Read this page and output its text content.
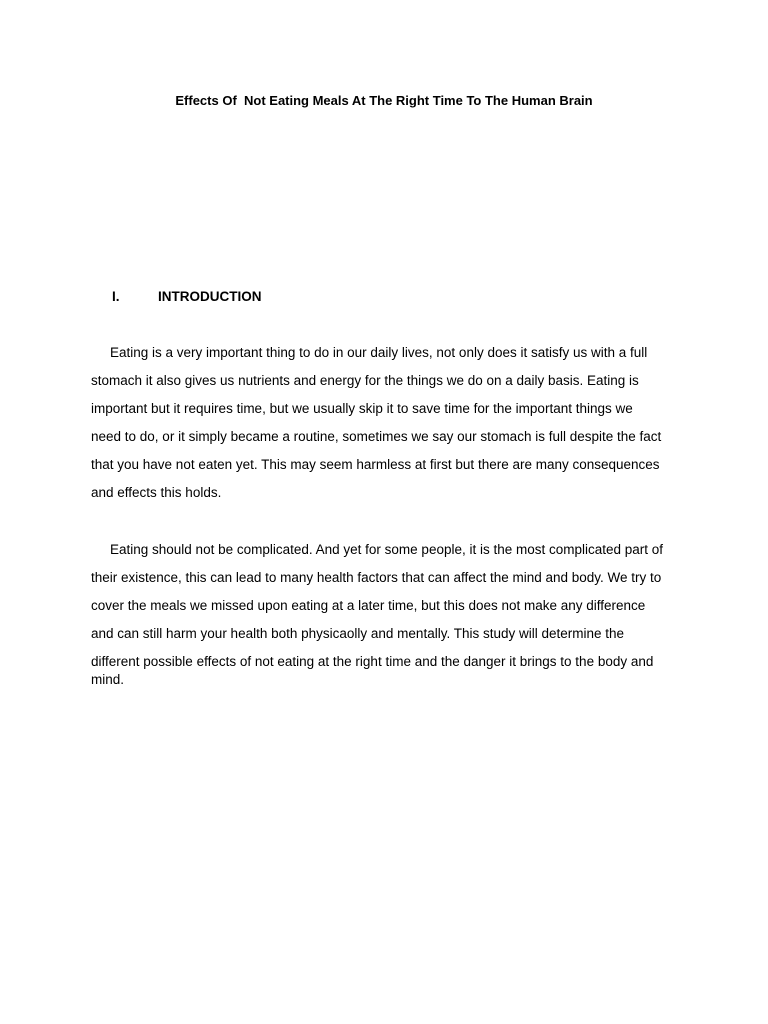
Effects Of  Not Eating Meals At The Right Time To The Human Brain
I.	INTRODUCTION
Eating is a very important thing to do in our daily lives, not only does it satisfy us with a full
stomach it also gives us nutrients and energy for the things we do on a daily basis. Eating is
important but it requires time, but we usually skip it to save time for the important things we
need to do, or it simply became a routine, sometimes we say our stomach is full despite the fact
that you have not eaten yet. This may seem harmless at first but there are many consequences
and effects this holds.
Eating should not be complicated. And yet for some people, it is the most complicated part of
their existence, this can lead to many health factors that can affect the mind and body. We try to
cover the meals we missed upon eating at a later time, but this does not make any difference
and can still harm your health both physicaolly and mentally. This study will determine the
different possible effects of not eating at the right time and the danger it brings to the body and
mind.
